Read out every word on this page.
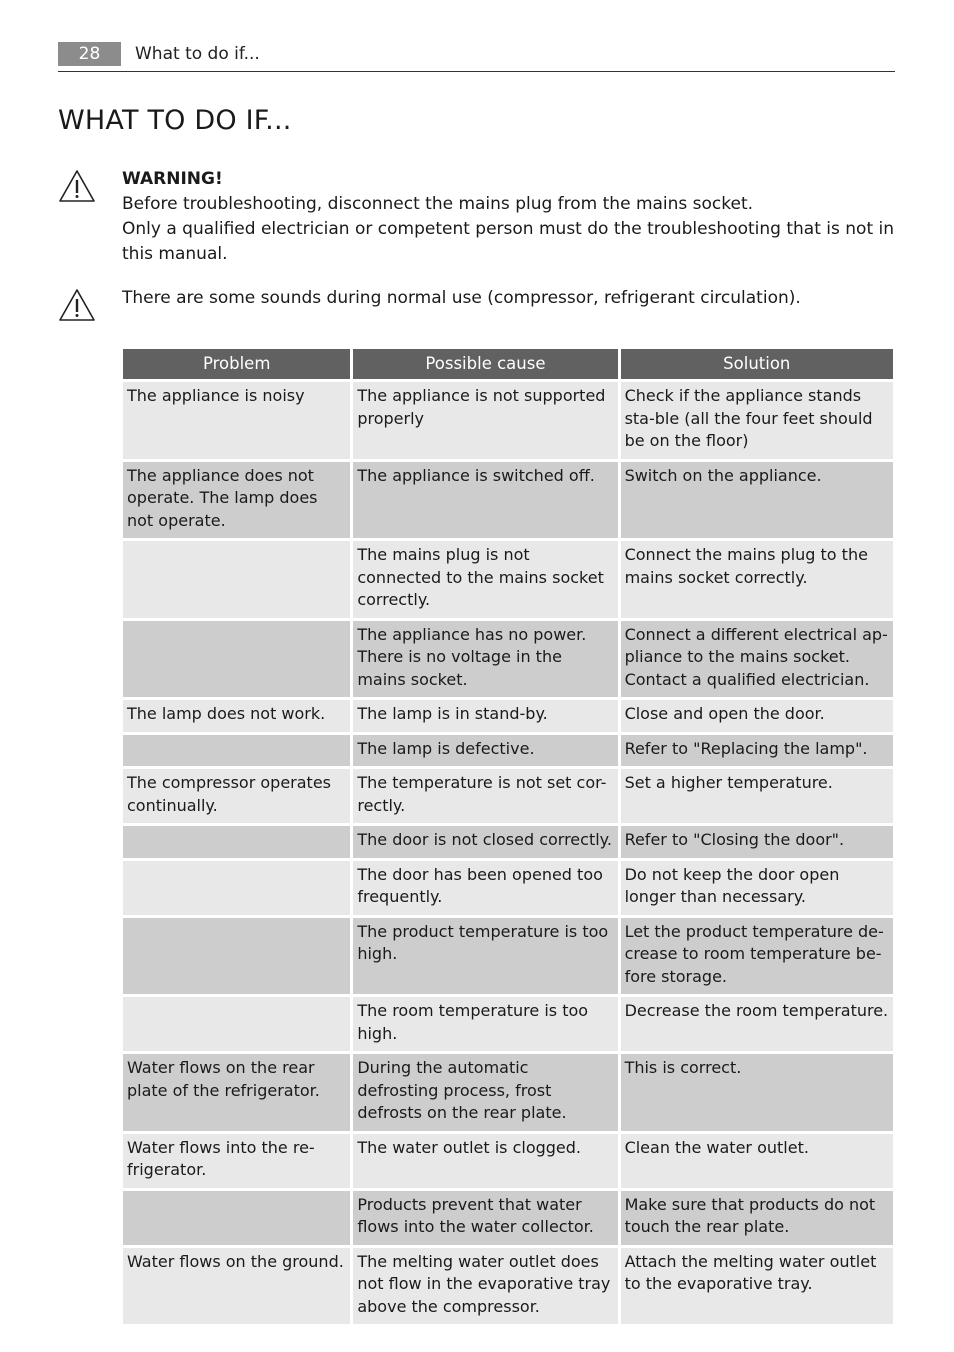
28	What to do if...
WHAT TO DO IF...
WARNING!
Before troubleshooting, disconnect the mains plug from the mains socket.
Only a qualified electrician or competent person must do the troubleshooting that is not in this manual.
There are some sounds during normal use (compressor, refrigerant circulation).
Problem	Possible cause	Solution
The appliance is noisy	The appliance is not supported properly	Check if the appliance stands sta-ble (all the four feet should be on the floor)
The appliance does not operate. The lamp does not operate.	The appliance is switched off.	Switch on the appliance.
	The mains plug is not connected to the mains socket correctly.	Connect the mains plug to the mains socket correctly.
	The appliance has no power. There is no voltage in the mains socket.	Connect a different electrical ap-pliance to the mains socket. Contact a qualified electrician.
The lamp does not work.	The lamp is in stand-by.	Close and open the door.
	The lamp is defective.	Refer to "Replacing the lamp".
The compressor operates continually.	The temperature is not set cor-rectly.	Set a higher temperature.
	The door is not closed correctly.	Refer to "Closing the door".
	The door has been opened too frequently.	Do not keep the door open longer than necessary.
	The product temperature is too high.	Let the product temperature de-crease to room temperature be-fore storage.
	The room temperature is too high.	Decrease the room temperature.
Water flows on the rear plate of the refrigerator.	During the automatic defrosting process, frost defrosts on the rear plate.	This is correct.
Water flows into the re-frigerator.	The water outlet is clogged.	Clean the water outlet.
	Products prevent that water flows into the water collector.	Make sure that products do not touch the rear plate.
Water flows on the ground.	The melting water outlet does not flow in the evaporative tray above the compressor.	Attach the melting water outlet to the evaporative tray.
